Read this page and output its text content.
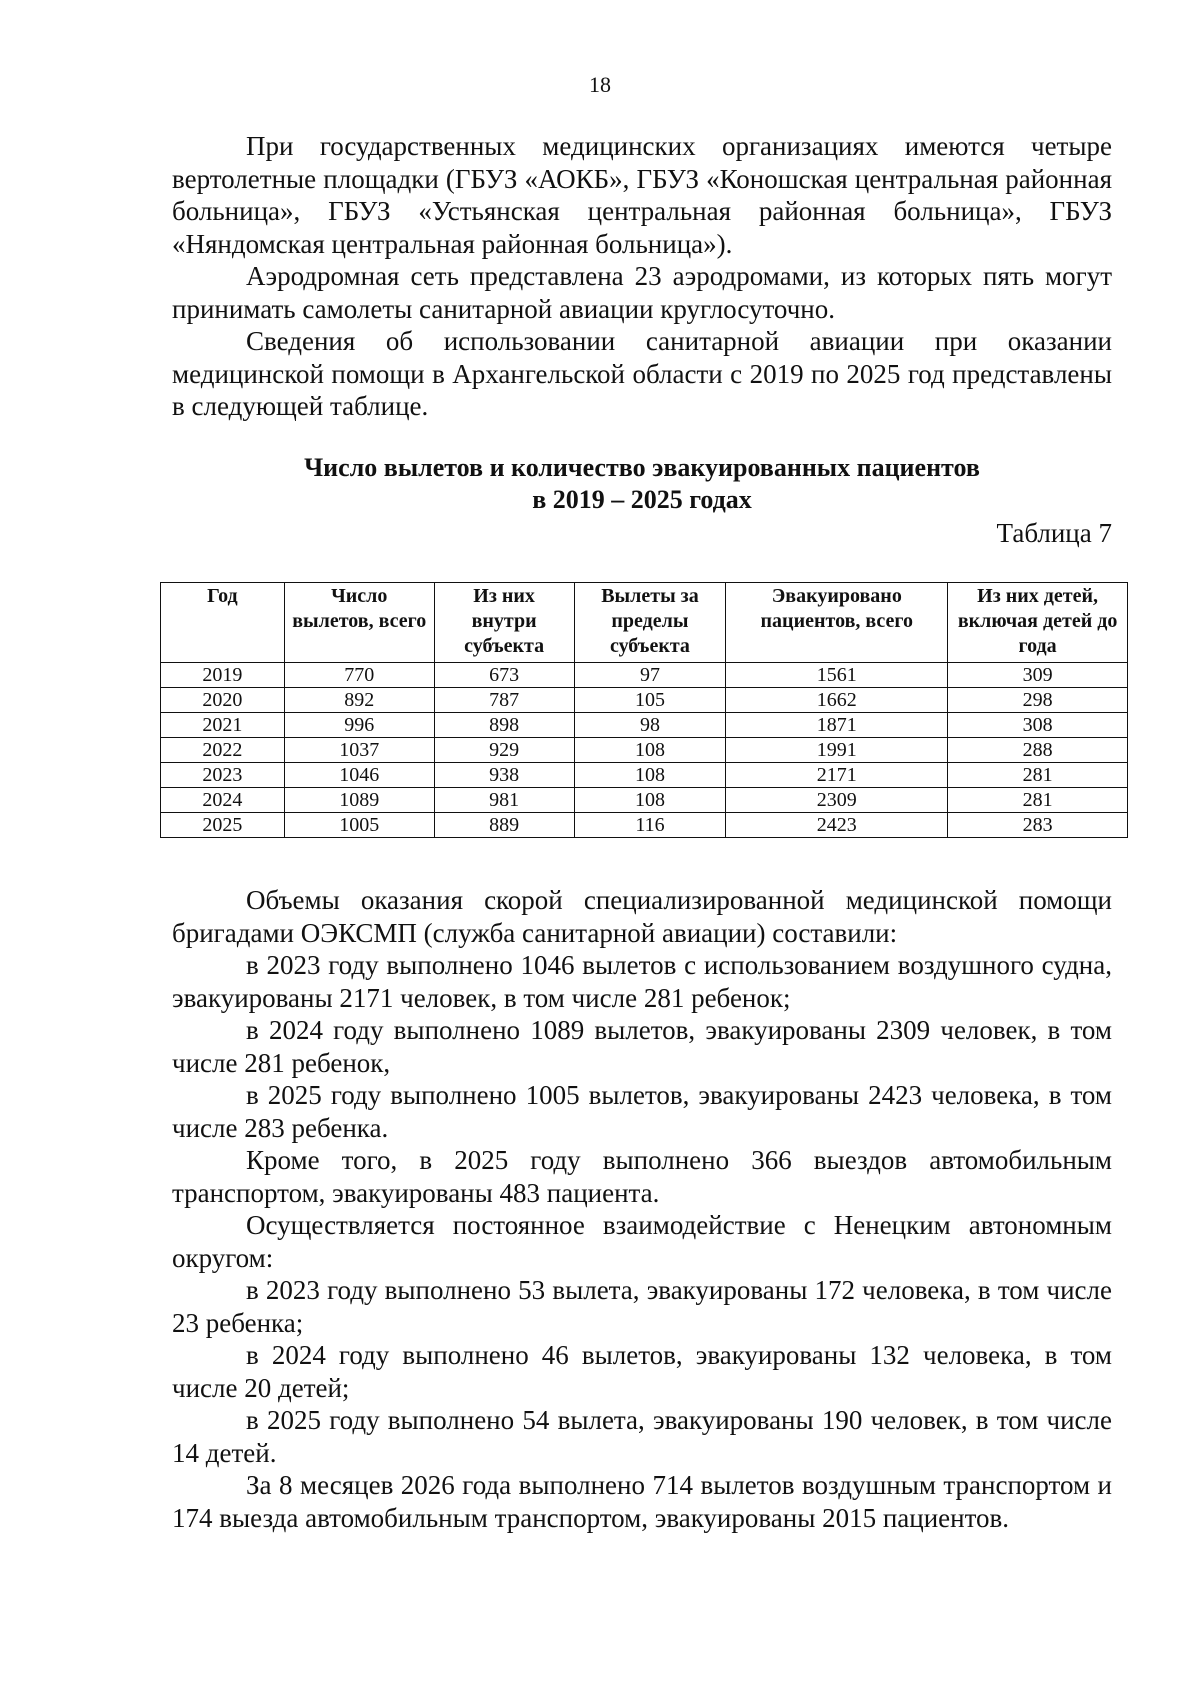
18

При государственных медицинских организациях имеются четыре вертолетные площадки (ГБУЗ «АОКБ», ГБУЗ «Коношская центральная районная больница», ГБУЗ «Устьянская центральная районная больница», ГБУЗ «Няндомская центральная районная больница»).

Аэродромная сеть представлена 23 аэродромами, из которых пять могут принимать самолеты санитарной авиации круглосуточно.

Сведения об использовании санитарной авиации при оказании медицинской помощи в Архангельской области с 2019 по 2025 год представлены в следующей таблице.

Число вылетов и количество эвакуированных пациентов
в 2019 – 2025 годах

Таблица 7

Год	Число вылетов, всего	Из них внутри субъекта	Вылеты за пределы субъекта	Эвакуировано пациентов, всего	Из них детей, включая детей до года
2019	770	673	97	1561	309
2020	892	787	105	1662	298
2021	996	898	98	1871	308
2022	1037	929	108	1991	288
2023	1046	938	108	2171	281
2024	1089	981	108	2309	281
2025	1005	889	116	2423	283

Объемы оказания скорой специализированной медицинской помощи бригадами ОЭКСМП (служба санитарной авиации) составили:

в 2023 году выполнено 1046 вылетов с использованием воздушного судна, эвакуированы 2171 человек, в том числе 281 ребенок;

в 2024 году выполнено 1089 вылетов, эвакуированы 2309 человек, в том числе 281 ребенок,

в 2025 году выполнено 1005 вылетов, эвакуированы 2423 человека, в том числе 283 ребенка.

Кроме того, в 2025 году выполнено 366 выездов автомобильным транспортом, эвакуированы 483 пациента.

Осуществляется постоянное взаимодействие с Ненецким автономным округом:

в 2023 году выполнено 53 вылета, эвакуированы 172 человека, в том числе 23 ребенка;

в 2024 году выполнено 46 вылетов, эвакуированы 132 человека, в том числе 20 детей;

в 2025 году выполнено 54 вылета, эвакуированы 190 человек, в том числе 14 детей.

За 8 месяцев 2026 года выполнено 714 вылетов воздушным транспортом и 174 выезда автомобильным транспортом, эвакуированы 2015 пациентов.
